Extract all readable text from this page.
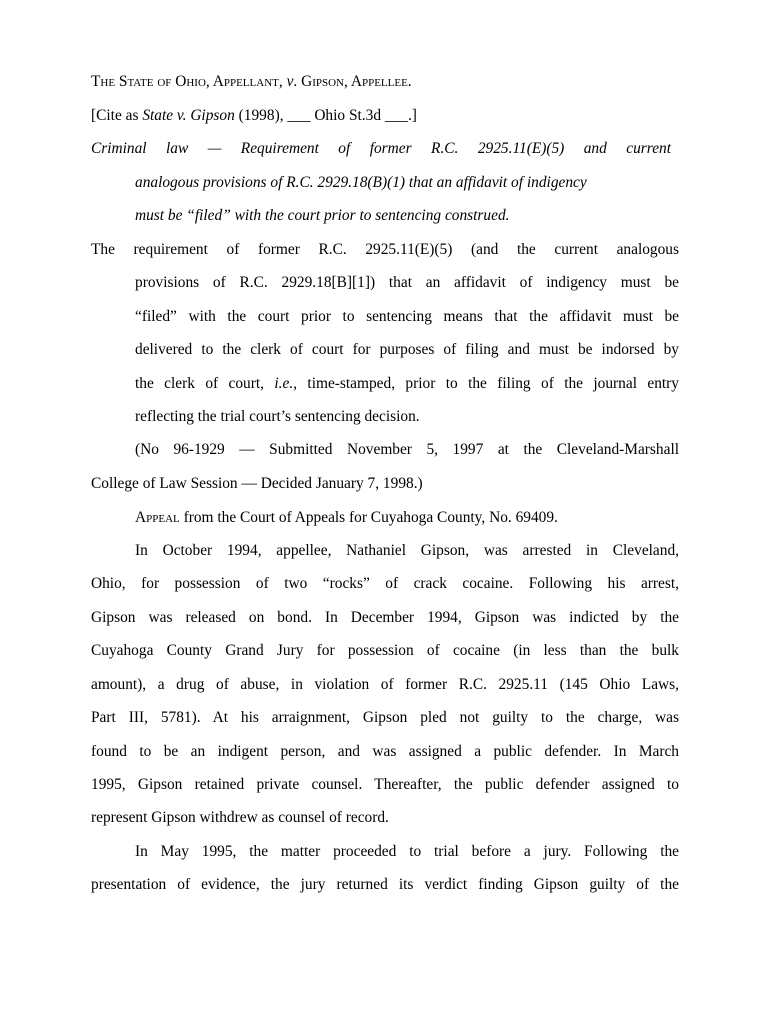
The State of Ohio, Appellant, v. Gipson, Appellee.
[Cite as State v. Gipson (1998), ___ Ohio St.3d ___.]
Criminal law — Requirement of former R.C. 2925.11(E)(5) and current
analogous provisions of R.C. 2929.18(B)(1) that an affidavit of indigency
must be “filed” with the court prior to sentencing construed.
The requirement of former R.C. 2925.11(E)(5) (and the current analogous
provisions of R.C. 2929.18[B][1]) that an affidavit of indigency must be
“filed” with the court prior to sentencing means that the affidavit must be
delivered to the clerk of court for purposes of filing and must be indorsed by
the clerk of court, i.e., time-stamped, prior to the filing of the journal entry
reflecting the trial court’s sentencing decision.
(No 96-1929 — Submitted November 5, 1997 at the Cleveland-Marshall
College of Law Session — Decided January 7, 1998.)
Appeal from the Court of Appeals for Cuyahoga County, No. 69409.
In October 1994, appellee, Nathaniel Gipson, was arrested in Cleveland,
Ohio, for possession of two “rocks” of crack cocaine. Following his arrest,
Gipson was released on bond. In December 1994, Gipson was indicted by the
Cuyahoga County Grand Jury for possession of cocaine (in less than the bulk
amount), a drug of abuse, in violation of former R.C. 2925.11 (145 Ohio Laws,
Part III, 5781). At his arraignment, Gipson pled not guilty to the charge, was
found to be an indigent person, and was assigned a public defender. In March
1995, Gipson retained private counsel. Thereafter, the public defender assigned to
represent Gipson withdrew as counsel of record.
In May 1995, the matter proceeded to trial before a jury. Following the
presentation of evidence, the jury returned its verdict finding Gipson guilty of the
